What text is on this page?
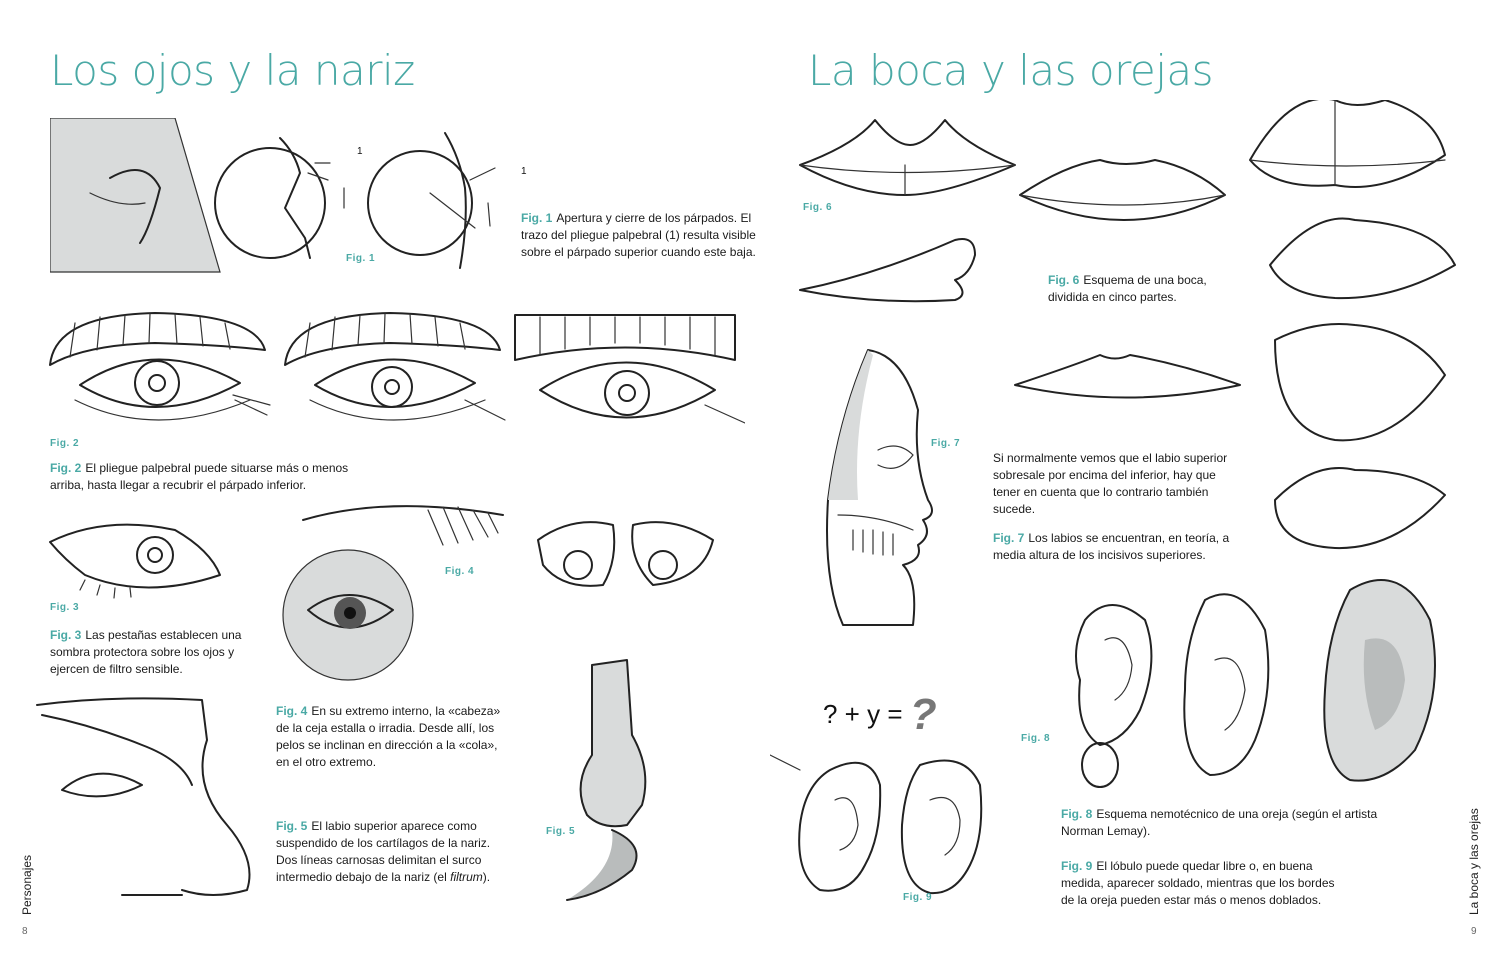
Los ojos y la nariz
1
1
Fig. 1
Fig. 1 Apertura y cierre de los párpados. El trazo del pliegue palpebral (1) resulta visible sobre el párpado superior cuando este baja.
Fig. 2
Fig. 2 El pliegue palpebral puede situarse más o menos arriba, hasta llegar a recubrir el párpado inferior.
Fig. 3
Fig. 3 Las pestañas establecen una sombra protectora sobre los ojos y ejercen de filtro sensible.
Fig. 4
Fig. 4 En su extremo interno, la «cabeza» de la ceja estalla o irradia. Desde allí, los pelos se inclinan en dirección a la «cola», en el otro extremo.
Fig. 5
Fig. 5 El labio superior aparece como suspendido de los cartílagos de la nariz. Dos líneas carnosas delimitan el surco intermedio debajo de la nariz (el filtrum).
Personajes
8
La boca y las orejas
Fig. 6
Fig. 6 Esquema de una boca, dividida en cinco partes.
Fig. 7
Si normalmente vemos que el labio superior sobresale por encima del inferior, hay que tener en cuenta que lo contrario también sucede.
Fig. 7 Los labios se encuentran, en teoría, a media altura de los incisivos superiores.
? + y = ?
Fig. 9
Fig. 8
Fig. 8 Esquema nemotécnico de una oreja (según el artista Norman Lemay).
Fig. 9 El lóbulo puede quedar libre o, en buena medida, aparecer soldado, mientras que los bordes de la oreja pueden estar más o menos doblados.	La boca y las orejas
9
